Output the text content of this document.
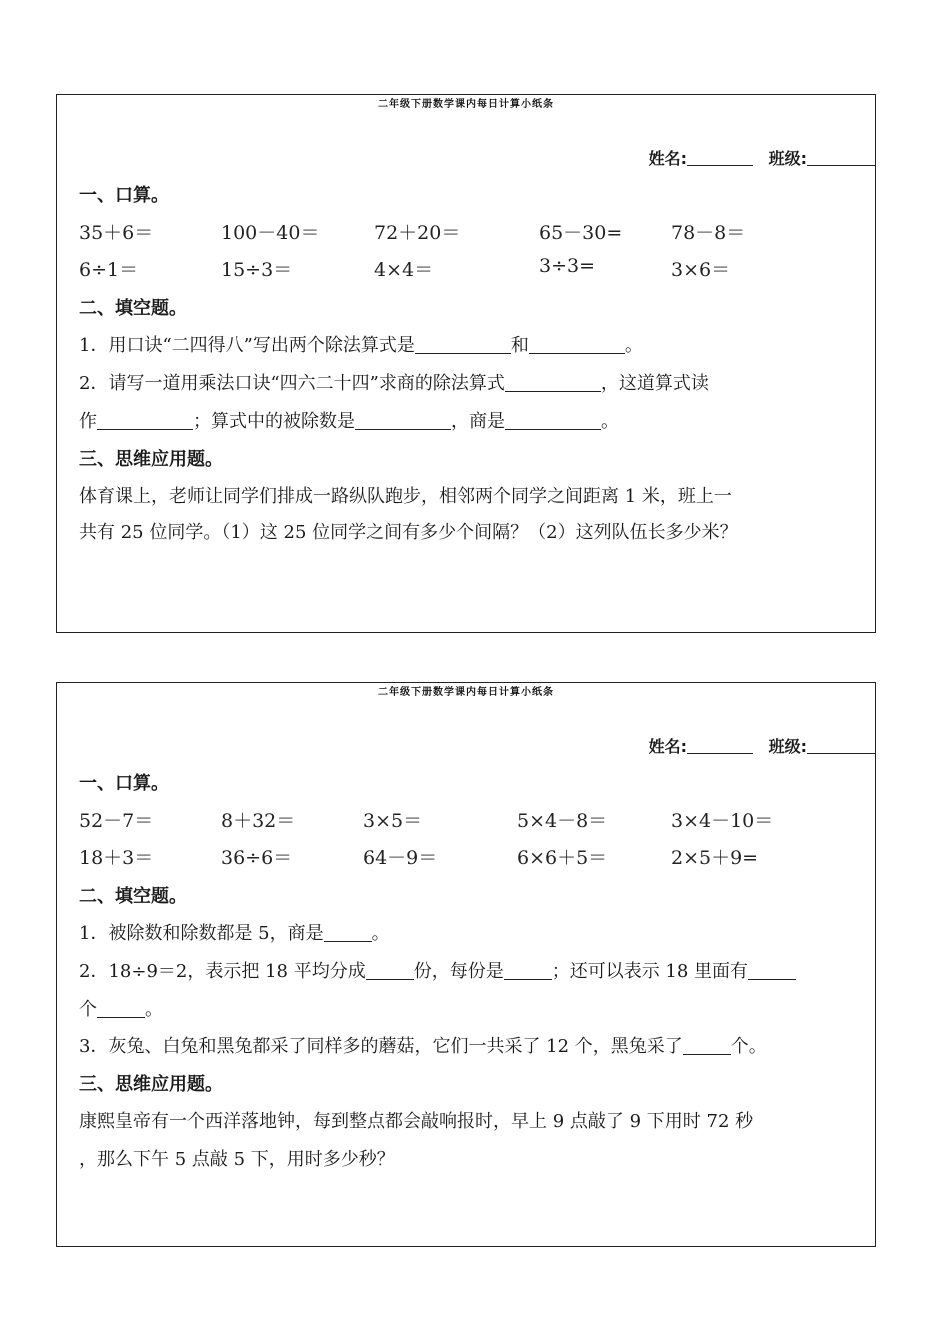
二年级下册数学课内每日计算小纸条
姓名:	班级:
一、口算。
35＋6＝	100－40＝	72＋20＝	65－30=	78－8＝
6÷1＝	15÷3＝	4×4＝	3÷3=	3×6＝
二、填空题。
1．用口诀“二四得八”写出两个除法算式是	和	。
2．请写一道用乘法口诀“四六二十四”求商的除法算式	，这道算式读
作	；算式中的被除数是	，商是	。
三、思维应用题。
体育课上，老师让同学们排成一路纵队跑步，相邻两个同学之间距离 1 米，班上一
共有 25 位同学。（1）这 25 位同学之间有多少个间隔？（2）这列队伍长多少米？
二年级下册数学课内每日计算小纸条
姓名:	班级:
一、口算。
52－7＝	8＋32＝	3×5＝	5×4－8＝	3×4－10＝
18＋3＝	36÷6＝	64－9＝	6×6＋5＝	2×5＋9=
二、填空题。
1．被除数和除数都是 5，商是	。
2．18÷9＝2，表示把 18 平均分成	份，每份是	；还可以表示 18 里面有
个	。
3．灰兔、白兔和黑兔都采了同样多的蘑菇，它们一共采了 12 个，黑兔采了	个。
三、思维应用题。
康熙皇帝有一个西洋落地钟，每到整点都会敲响报时，早上 9 点敲了 9 下用时 72 秒
，那么下午 5 点敲 5 下，用时多少秒？
